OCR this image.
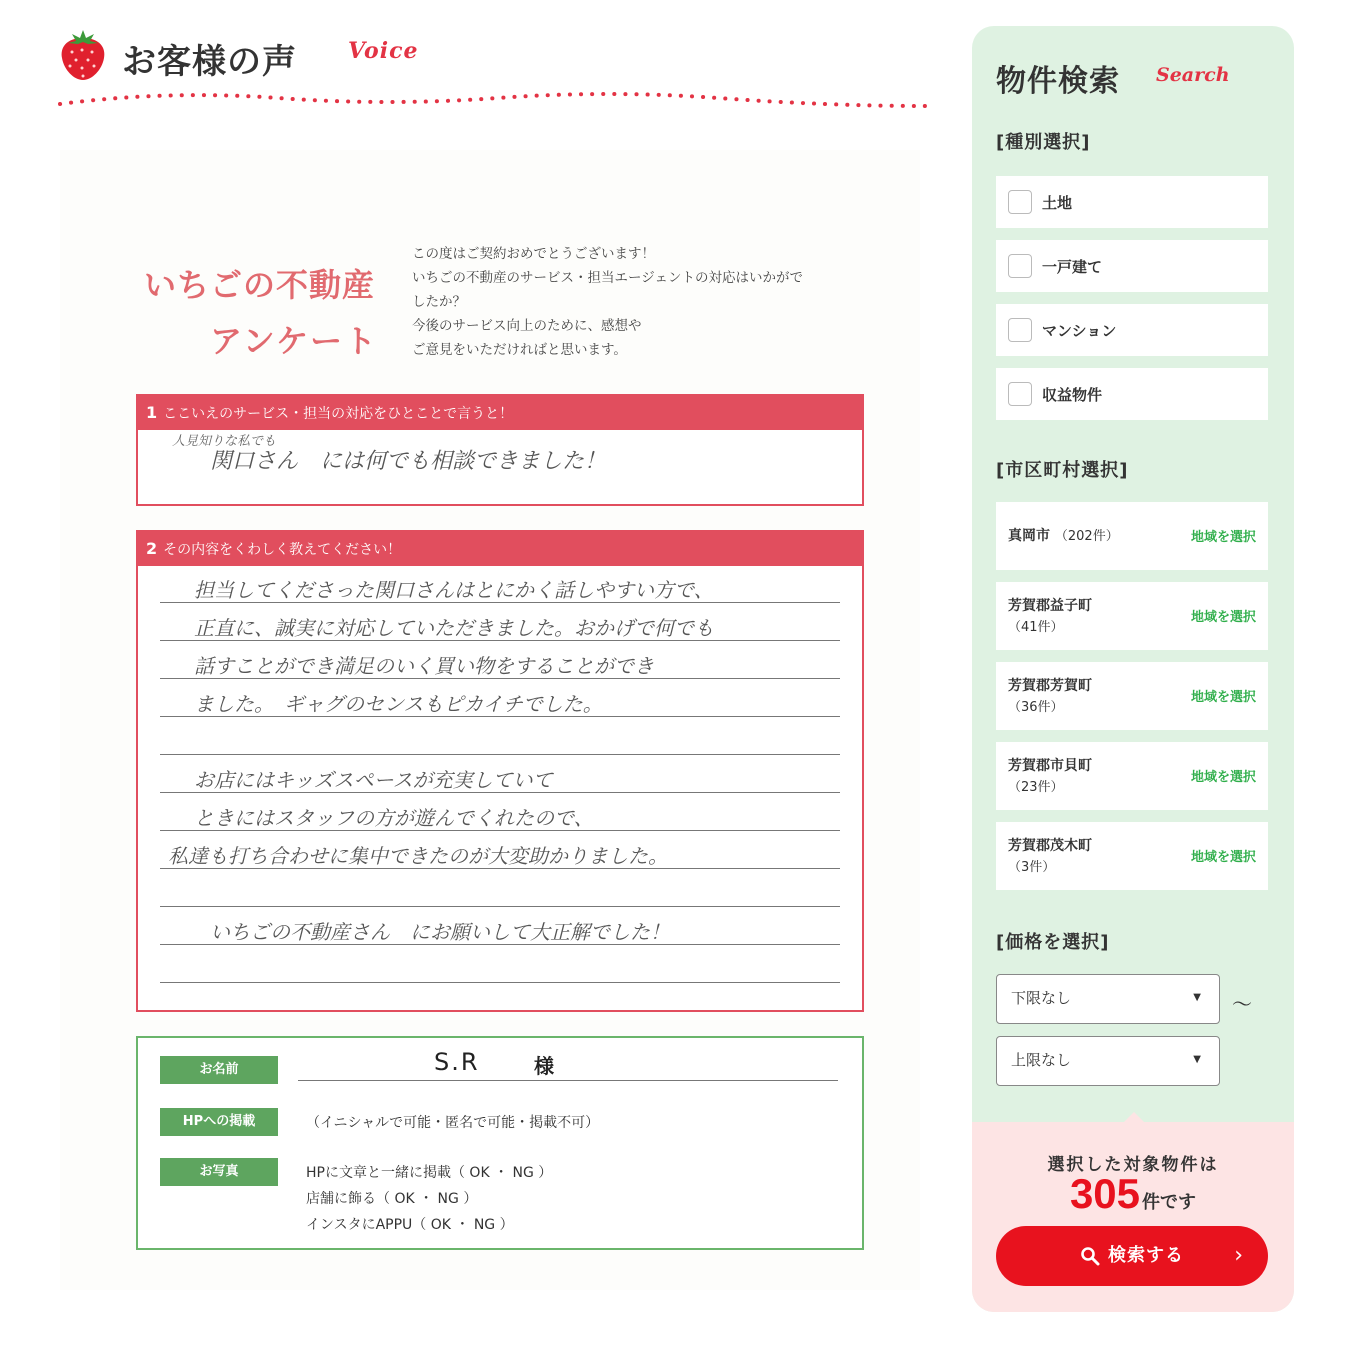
お客様の声 Voice
いちごの不動産
アンケート
この度はご契約おめでとうございます！
いちごの不動産のサービス・担当エージェントの対応はいかがで
したか？
今後のサービス向上のために、感想や
ご意見をいただければと思います。
1 ここいえのサービス・担当の対応をひとことで言うと！
人見知りな私でも
関口さん　には何でも相談できました！
2 その内容をくわしく教えてください！
担当してくださった関口さんはとにかく話しやすい方で、
正直に、誠実に対応していただきました。おかげで何でも
話すことができ満足のいく買い物をすることができ
ました。　ギャグのセンスもピカイチでした。
お店にはキッズスペースが充実していて
ときにはスタッフの方が遊んでくれたので、
私達も打ち合わせに集中できたのが大変助かりました。
いちごの不動産さん　にお願いして大正解でした！
お名前	S.R	様
HPへの掲載	（イニシャルで可能・匿名で可能・掲載不可）
お写真	HPに文章と一緒に掲載（ OK ・ NG ）
店舗に飾る（ OK ・ NG ）
インスタにAPPU（ OK ・ NG ）
物件検索 Search
[種別選択]
土地
一戸建て
マンション
収益物件
[市区町村選択]
真岡市 （202件）	地域を選択
芳賀郡益子町
（41件）
地域を選択
芳賀郡芳賀町
（36件）
地域を選択
芳賀郡市貝町
（23件）
地域を選択
芳賀郡茂木町
（3件）
地域を選択
[価格を選択]
下限なし	▼ 〜
上限なし	▼
選択した対象物件は
305 件です
検索する ›
